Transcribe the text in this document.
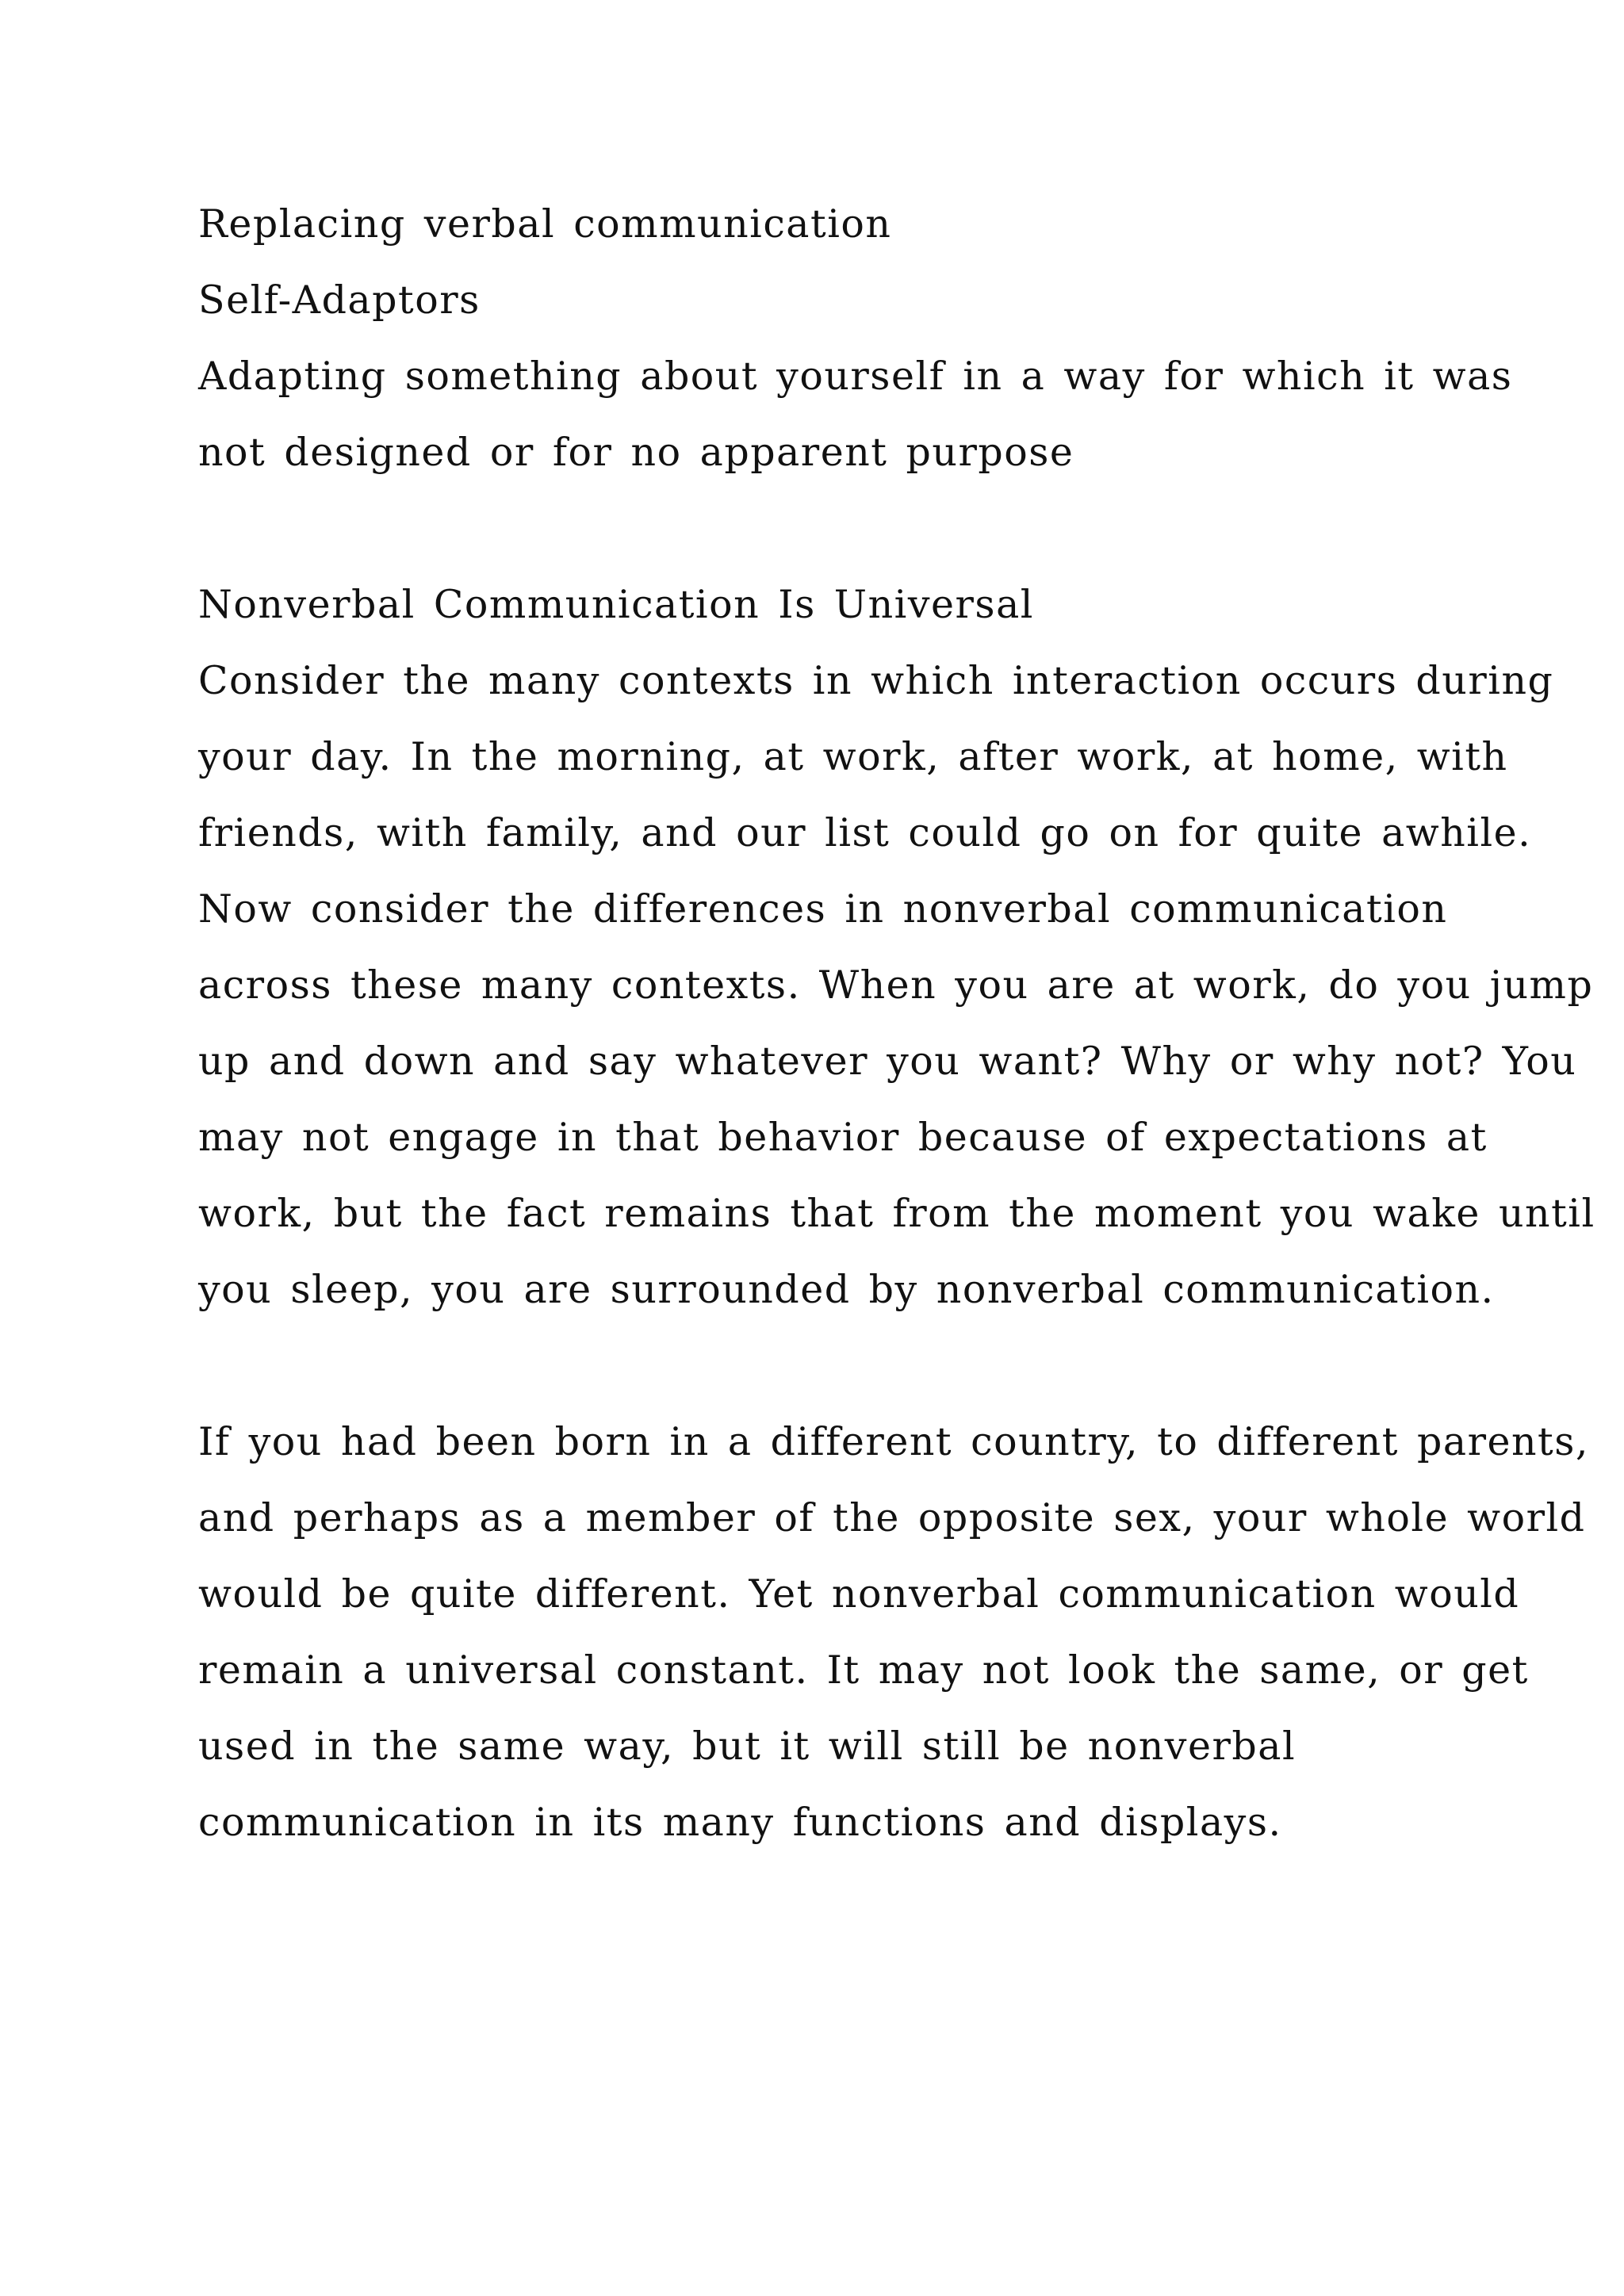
Replacing verbal communication
Self-Adaptors
Adapting something about yourself in a way for which it was
not designed or for no apparent purpose
Nonverbal Communication Is Universal
Consider the many contexts in which interaction occurs during
your day. In the morning, at work, after work, at home, with
friends, with family, and our list could go on for quite awhile.
Now consider the differences in nonverbal communication
across these many contexts. When you are at work, do you jump
up and down and say whatever you want? Why or why not? You
may not engage in that behavior because of expectations at
work, but the fact remains that from the moment you wake until
you sleep, you are surrounded by nonverbal communication.
If you had been born in a different country, to different parents,
and perhaps as a member of the opposite sex, your whole world
would be quite different. Yet nonverbal communication would
remain a universal constant. It may not look the same, or get
used in the same way, but it will still be nonverbal
communication in its many functions and displays.
